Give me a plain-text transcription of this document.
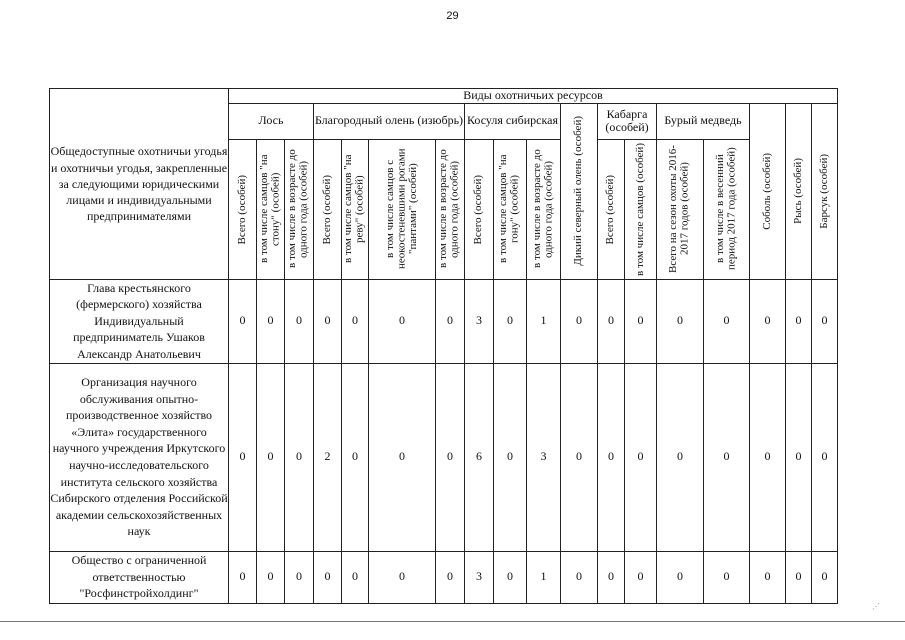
29
Общедоступные охотничьи угодья и охотничьи угодья, закрепленные за следующими юридическими лицами и индивидуальными предпринимателями	Виды охотничьих ресурсов																	
	Лось			Благородный олень (изюбрь)				Косуля сибирская			Дикий северный олень (особей)	Кабарга (особей)		Бурый медведь		Соболь (особей)	Рысь (особей)	Барсук (особей)

	Всего (особей)	в том числе самцов "на стону" (особей)	в том числе в возрасте до одного года (особей)	Всего (особей)	в том числе самцов "на реву" (особей)	в том числе самцов с неокостеневшими рогами "пантами" (особей)	в том числе в возрасте до одного года (особей)	Всего (особей)	в том числе самцов "на гону" (особей)	в том числе в возрасте до одного года (особей)		Всего (особей)	в том числе самцов (особей)	Всего на сезон охоты 2016-2017 годов (особей)	в том числе в весенний период 2017 года (особей)			

Глава крестьянского (фермерского) хозяйства Индивидуальный предприниматель Ушаков Александр Анатольевич	0	0	0	0	0	0	0	3	0	1	0	0	0	0	0	0	0	0
Организация научного обслуживания опытно-производственное хозяйство «Элита» государственного научного учреждения Иркутского научно-исследовательского института сельского хозяйства Сибирского отделения Российской академии сельскохозяйственных наук	0	0	0	2	0	0	0	6	0	3	0	0	0	0	0	0	0	0
Общество с ограниченной ответственностью "Росфинстройхолдинг"	0	0	0	0	0	0	0	3	0	1	0	0	0	0	0	0	0	0
⋰
